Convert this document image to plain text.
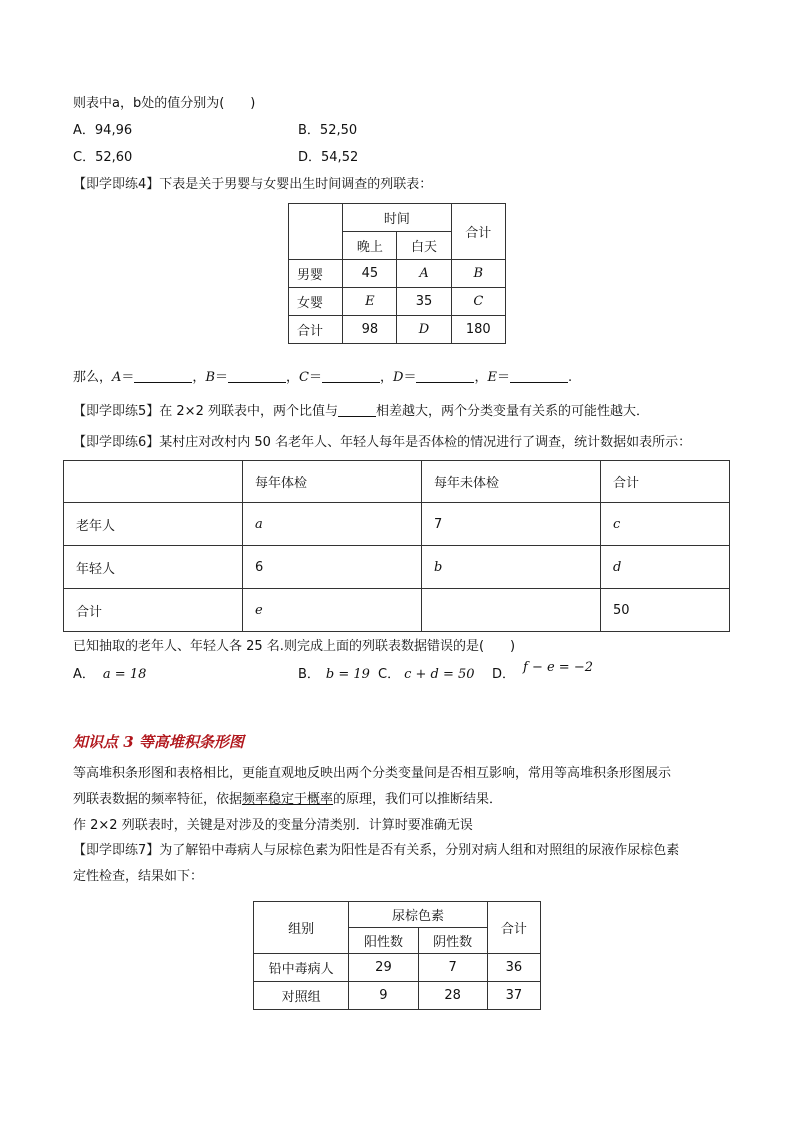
则表中a，b处的值分别为(　　)
A．94,96	B．52,50
C．52,60	D．54,52
【即学即练4】下表是关于男婴与女婴出生时间调查的列联表：
	时间		合计
	晚上	白天	
男婴	45	A	B
女婴	E	35	C
合计	98	D	180
那么，A＝	，B＝	，C＝	，D＝	，E＝	.
【即学即练5】在 2×2 列联表中，两个比值与	相差越大，两个分类变量有关系的可能性越大．
【即学即练6】某村庄对改村内 50 名老年人、年轻人每年是否体检的情况进行了调查，统计数据如表所示：
	每年体检	每年未体检	合计
老年人	a	7	c
年轻人	6	b	d
合计	e		50
已知抽取的老年人、年轻人各 25 名.则完成上面的列联表数据错误的是(　　)
A． a = 18	B． b = 19 C． c + d = 50 D． f − e = −2
知识点 3 等高堆积条形图
等高堆积条形图和表格相比，更能直观地反映出两个分类变量间是否相互影响，常用等高堆积条形图展示
列联表数据的频率特征，依据频率稳定于概率的原理，我们可以推断结果．
作 2×2 列联表时，关键是对涉及的变量分清类别．计算时要准确无误
【即学即练7】为了解铅中毒病人与尿棕色素为阳性是否有关系，分别对病人组和对照组的尿液作尿棕色素
定性检查，结果如下：
组别	尿棕色素		合计
	阳性数	阴性数	
铅中毒病人	29	7	36
对照组	9	28	37
